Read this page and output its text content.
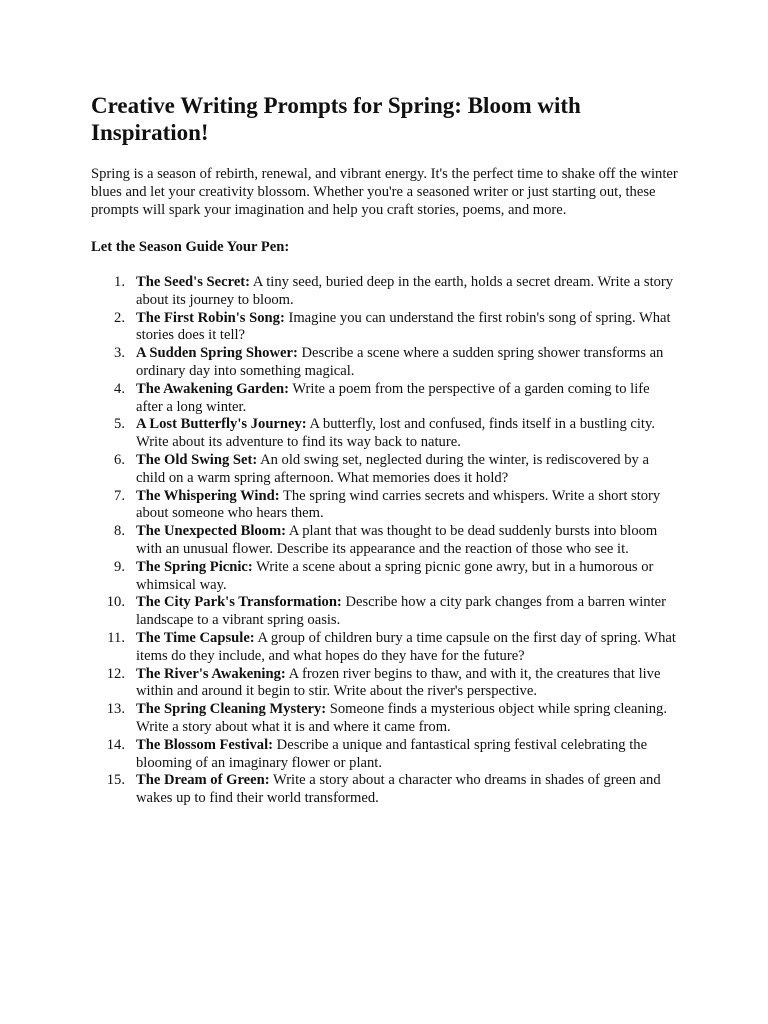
Creative Writing Prompts for Spring: Bloom with Inspiration!

Spring is a season of rebirth, renewal, and vibrant energy. It's the perfect time to shake off the winter blues and let your creativity blossom. Whether you're a seasoned writer or just starting out, these prompts will spark your imagination and help you craft stories, poems, and more.

Let the Season Guide Your Pen:

1. The Seed's Secret: A tiny seed, buried deep in the earth, holds a secret dream. Write a story about its journey to bloom.
2. The First Robin's Song: Imagine you can understand the first robin's song of spring. What stories does it tell?
3. A Sudden Spring Shower: Describe a scene where a sudden spring shower transforms an ordinary day into something magical.
4. The Awakening Garden: Write a poem from the perspective of a garden coming to life after a long winter.
5. A Lost Butterfly's Journey: A butterfly, lost and confused, finds itself in a bustling city. Write about its adventure to find its way back to nature.
6. The Old Swing Set: An old swing set, neglected during the winter, is rediscovered by a child on a warm spring afternoon. What memories does it hold?
7. The Whispering Wind: The spring wind carries secrets and whispers. Write a short story about someone who hears them.
8. The Unexpected Bloom: A plant that was thought to be dead suddenly bursts into bloom with an unusual flower. Describe its appearance and the reaction of those who see it.
9. The Spring Picnic: Write a scene about a spring picnic gone awry, but in a humorous or whimsical way.
10. The City Park's Transformation: Describe how a city park changes from a barren winter landscape to a vibrant spring oasis.
11. The Time Capsule: A group of children bury a time capsule on the first day of spring. What items do they include, and what hopes do they have for the future?
12. The River's Awakening: A frozen river begins to thaw, and with it, the creatures that live within and around it begin to stir. Write about the river's perspective.
13. The Spring Cleaning Mystery: Someone finds a mysterious object while spring cleaning. Write a story about what it is and where it came from.
14. The Blossom Festival: Describe a unique and fantastical spring festival celebrating the blooming of an imaginary flower or plant.
15. The Dream of Green: Write a story about a character who dreams in shades of green and wakes up to find their world transformed.
